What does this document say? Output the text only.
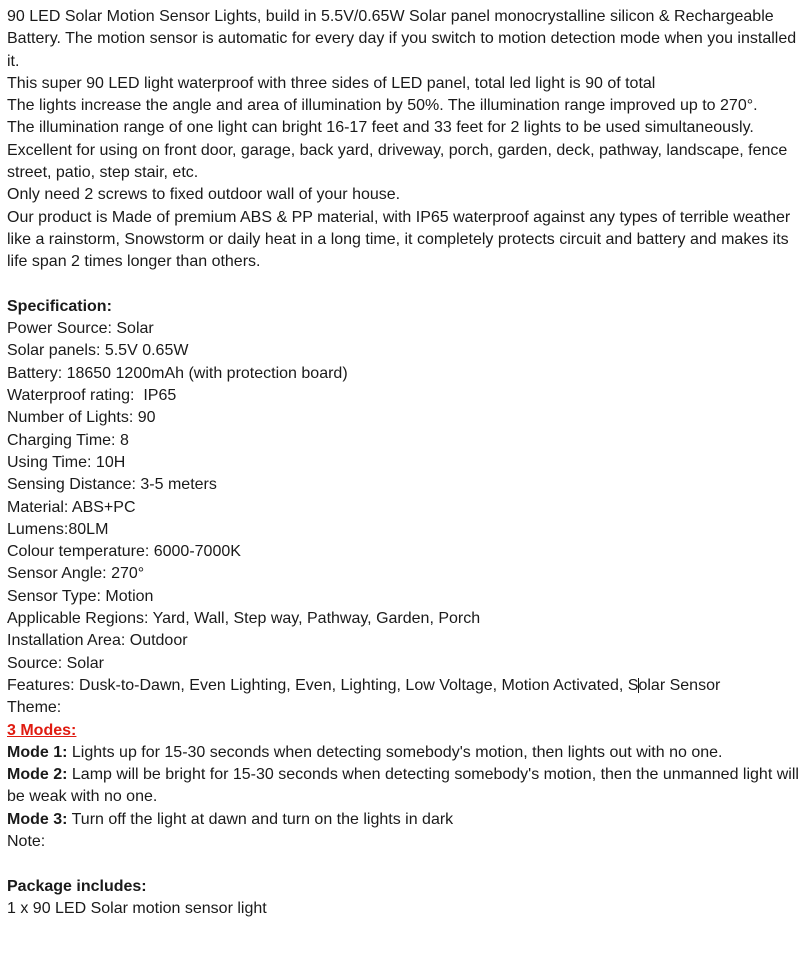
90 LED Solar Motion Sensor Lights, build in 5.5V/0.65W Solar panel monocrystalline silicon & Rechargeable Battery. The motion sensor is automatic for every day if you switch to motion detection mode when you installed it.

This super 90 LED light waterproof with three sides of LED panel, total led light is 90 of total

The lights increase the angle and area of illumination by 50%. The illumination range improved up to 270°.

The illumination range of one light can bright 16-17 feet and 33 feet for 2 lights to be used simultaneously.

Excellent for using on front door, garage, back yard, driveway, porch, garden, deck, pathway, landscape, fence street, patio, step stair, etc.

Only need 2 screws to fixed outdoor wall of your house.

Our product is Made of premium ABS & PP material, with IP65 waterproof against any types of terrible weather like a rainstorm, Snowstorm or daily heat in a long time, it completely protects circuit and battery and makes its life span 2 times longer than others.

Specification:

Power Source: Solar

Solar panels: 5.5V 0.65W

Battery: 18650 1200mAh (with protection board)

Waterproof rating:  IP65

Number of Lights: 90

Charging Time: 8

Using Time: 10H

Sensing Distance: 3-5 meters

Material: ABS+PC

Lumens:80LM

Colour temperature: 6000-7000K

Sensor Angle: 270°

Sensor Type: Motion

Applicable Regions: Yard, Wall, Step way, Pathway, Garden, Porch

Installation Area: Outdoor

Source: Solar

Features: Dusk-to-Dawn, Even Lighting, Even, Lighting, Low Voltage, Motion Activated, Solar Sensor

Theme:

3 Modes:

Mode 1: Lights up for 15-30 seconds when detecting somebody's motion, then lights out with no one.

Mode 2: Lamp will be bright for 15-30 seconds when detecting somebody's motion, then the unmanned light will be weak with no one.

Mode 3: Turn off the light at dawn and turn on the lights in dark

Note:

Package includes:

1 x 90 LED Solar motion sensor light
